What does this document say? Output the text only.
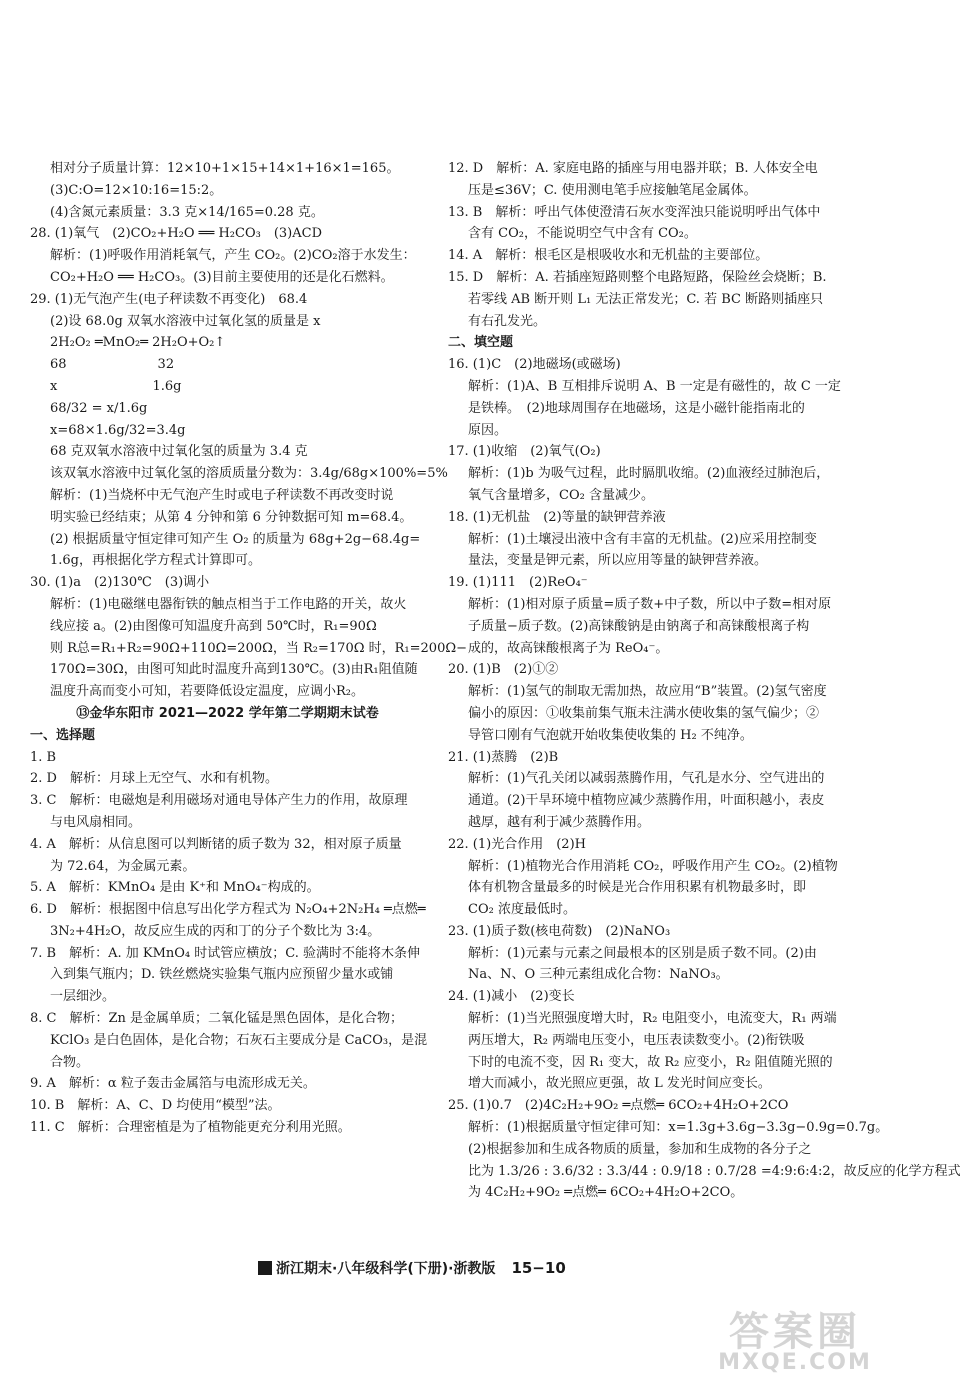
相对分子质量计算：12×10+1×15+14×1+16×1=165。
(3)C:O=12×10:16=15:2。
(4)含氮元素质量：3.3 克×14/165=0.28 克。
28. (1)氧气　(2)CO₂+H₂O ══ H₂CO₃　(3)ACD
解析：(1)呼吸作用消耗氧气，产生 CO₂。(2)CO₂溶于水发生：
CO₂+H₂O ══ H₂CO₃。(3)目前主要使用的还是化石燃料。
29. (1)无气泡产生(电子秤读数不再变化)　68.4
(2)设 68.0g 双氧水溶液中过氧化氢的质量是 x
2H₂O₂ ═MnO₂═ 2H₂O+O₂↑
68　　　　　　　32
x　　　　　　　 1.6g
68/32 = x/1.6g
x=68×1.6g/32=3.4g
68 克双氧水溶液中过氧化氢的质量为 3.4 克
该双氧水溶液中过氧化氢的溶质质量分数为：3.4g/68g×100%=5%
解析：(1)当烧杯中无气泡产生时或电子秤读数不再改变时说
明实验已经结束；从第 4 分钟和第 6 分钟数据可知 m=68.4。
(2) 根据质量守恒定律可知产生 O₂ 的质量为 68g+2g−68.4g=
1.6g，再根据化学方程式计算即可。
30. (1)a　(2)130℃　(3)调小
解析：(1)电磁继电器衔铁的触点相当于工作电路的开关，故火
线应接 a。(2)由图像可知温度升高到 50℃时，R₁=90Ω
则 R总=R₁+R₂=90Ω+110Ω=200Ω，当 R₂=170Ω 时，R₁=200Ω−
170Ω=30Ω，由图可知此时温度升高到130℃。(3)由R₁阻值随
温度升高而变小可知，若要降低设定温度，应调小R₂。
⑬金华东阳市 2021—2022 学年第二学期期末试卷
一、选择题
1. B
2. D　解析：月球上无空气、水和有机物。
3. C　解析：电磁炮是利用磁场对通电导体产生力的作用，故原理
与电风扇相同。
4. A　解析：从信息图可以判断锗的质子数为 32，相对原子质量
为 72.64，为金属元素。
5. A　解析：KMnO₄ 是由 K⁺和 MnO₄⁻构成的。
6. D　解析：根据图中信息写出化学方程式为 N₂O₄+2N₂H₄ ═点燃═
3N₂+4H₂O，故反应生成的丙和丁的分子个数比为 3:4。
7. B　解析：A. 加 KMnO₄ 时试管应横放；C. 验满时不能将木条伸
入到集气瓶内；D. 铁丝燃烧实验集气瓶内应预留少量水或铺
一层细沙。
8. C　解析：Zn 是金属单质；二氧化锰是黑色固体，是化合物；
KClO₃ 是白色固体，是化合物；石灰石主要成分是 CaCO₃，是混
合物。
9. A　解析：α 粒子轰击金属箔与电流形成无关。
10. B　解析：A、C、D 均使用“模型”法。
11. C　解析：合理密植是为了植物能更充分利用光照。
12. D　解析：A. 家庭电路的插座与用电器并联；B. 人体安全电
压是≤36V；C. 使用测电笔手应接触笔尾金属体。
13. B　解析：呼出气体使澄清石灰水变浑浊只能说明呼出气体中
含有 CO₂，不能说明空气中含有 CO₂。
14. A　解析：根毛区是根吸收水和无机盐的主要部位。
15. D　解析：A. 若插座短路则整个电路短路，保险丝会烧断；B.
若零线 AB 断开则 L₁ 无法正常发光；C. 若 BC 断路则插座只
有右孔发光。
二、填空题
16. (1)C　(2)地磁场(或磁场)
解析：(1)A、B 互相排斥说明 A、B 一定是有磁性的，故 C 一定
是铁棒。　(2)地球周围存在地磁场，这是小磁针能指南北的
原因。
17. (1)收缩　(2)氧气(O₂)
解析：(1)b 为吸气过程，此时膈肌收缩。(2)血液经过肺泡后，
氧气含量增多，CO₂ 含量减少。
18. (1)无机盐　(2)等量的缺钾营养液
解析：(1)土壤浸出液中含有丰富的无机盐。(2)应采用控制变
量法，变量是钾元素，所以应用等量的缺钾营养液。
19. (1)111　(2)ReO₄⁻
解析：(1)相对原子质量=质子数+中子数，所以中子数=相对原
子质量−质子数。(2)高铼酸钠是由钠离子和高铼酸根离子构
成的，故高铼酸根离子为 ReO₄⁻。
20. (1)B　(2)①②
解析：(1)氢气的制取无需加热，故应用“B”装置。(2)氢气密度
偏小的原因：①收集前集气瓶未注满水使收集的氢气偏少；②
导管口刚有气泡就开始收集使收集的 H₂ 不纯净。
21. (1)蒸腾　(2)B
解析：(1)气孔关闭以减弱蒸腾作用，气孔是水分、空气进出的
通道。(2)干旱环境中植物应减少蒸腾作用，叶面积越小，表皮
越厚，越有利于减少蒸腾作用。
22. (1)光合作用　(2)H
解析：(1)植物光合作用消耗 CO₂，呼吸作用产生 CO₂。(2)植物
体有机物含量最多的时候是光合作用积累有机物最多时，即
CO₂ 浓度最低时。
23. (1)质子数(核电荷数)　(2)NaNO₃
解析：(1)元素与元素之间最根本的区别是质子数不同。(2)由
Na、N、O 三种元素组成化合物：NaNO₃。
24. (1)减小　(2)变长
解析：(1)当光照强度增大时，R₂ 电阻变小，电流变大，R₁ 两端
两压增大，R₂ 两端电压变小，电压表读数变小。(2)衔铁吸
下时的电流不变，因 R₁ 变大，故 R₂ 应变小，R₂ 阻值随光照的
增大而减小，故光照应更强，故 L 发光时间应变长。
25. (1)0.7　(2)4C₂H₂+9O₂ ═点燃═ 6CO₂+4H₂O+2CO
解析：(1)根据质量守恒定律可知：x=1.3g+3.6g−3.3g−0.9g=0.7g。
(2)根据参加和生成各物质的质量，参加和生成物的各分子之
比为 1.3/26 : 3.6/32 : 3.3/44 : 0.9/18 : 0.7/28 =4:9:6:4:2，故反应的化学方程式
为 4C₂H₂+9O₂ ═点燃═ 6CO₂+4H₂O+2CO。
浙江期末·八年级科学(下册)·浙教版 15−10
答案圈
MXQE.COM
